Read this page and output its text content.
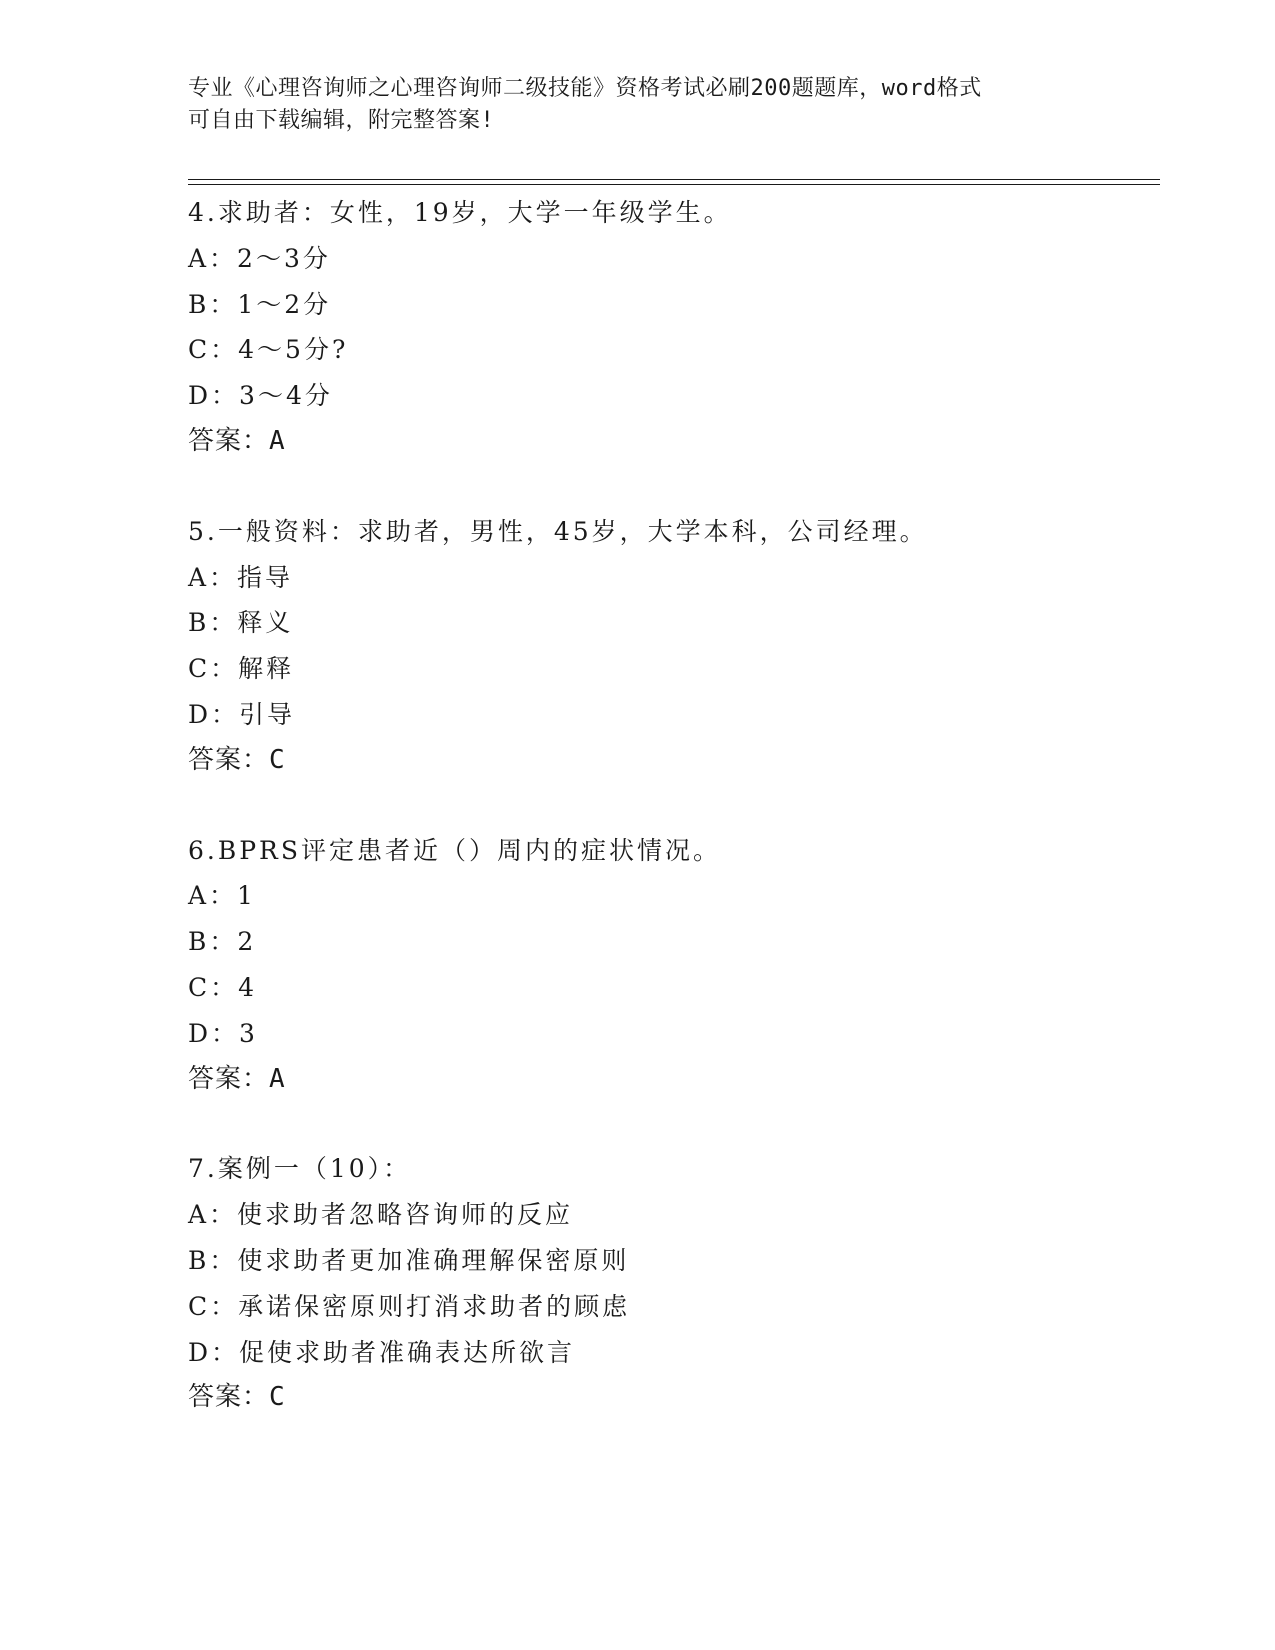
专业《心理咨询师之心理咨询师二级技能》资格考试必刷200题题库，word格式
可自由下载编辑，附完整答案!
4.求助者：女性，19岁，大学一年级学生。
A：2～3分
B：1～2分
C：4～5分?
D：3～4分
答案：A
5.一般资料：求助者，男性，45岁，大学本科，公司经理。
A：指导
B：释义
C：解释
D：引导
答案：C
6.BPRS评定患者近（）周内的症状情况。
A：1
B：2
C：4
D：3
答案：A
7.案例一（10）：
A：使求助者忽略咨询师的反应
B：使求助者更加准确理解保密原则
C：承诺保密原则打消求助者的顾虑
D：促使求助者准确表达所欲言
答案：C
